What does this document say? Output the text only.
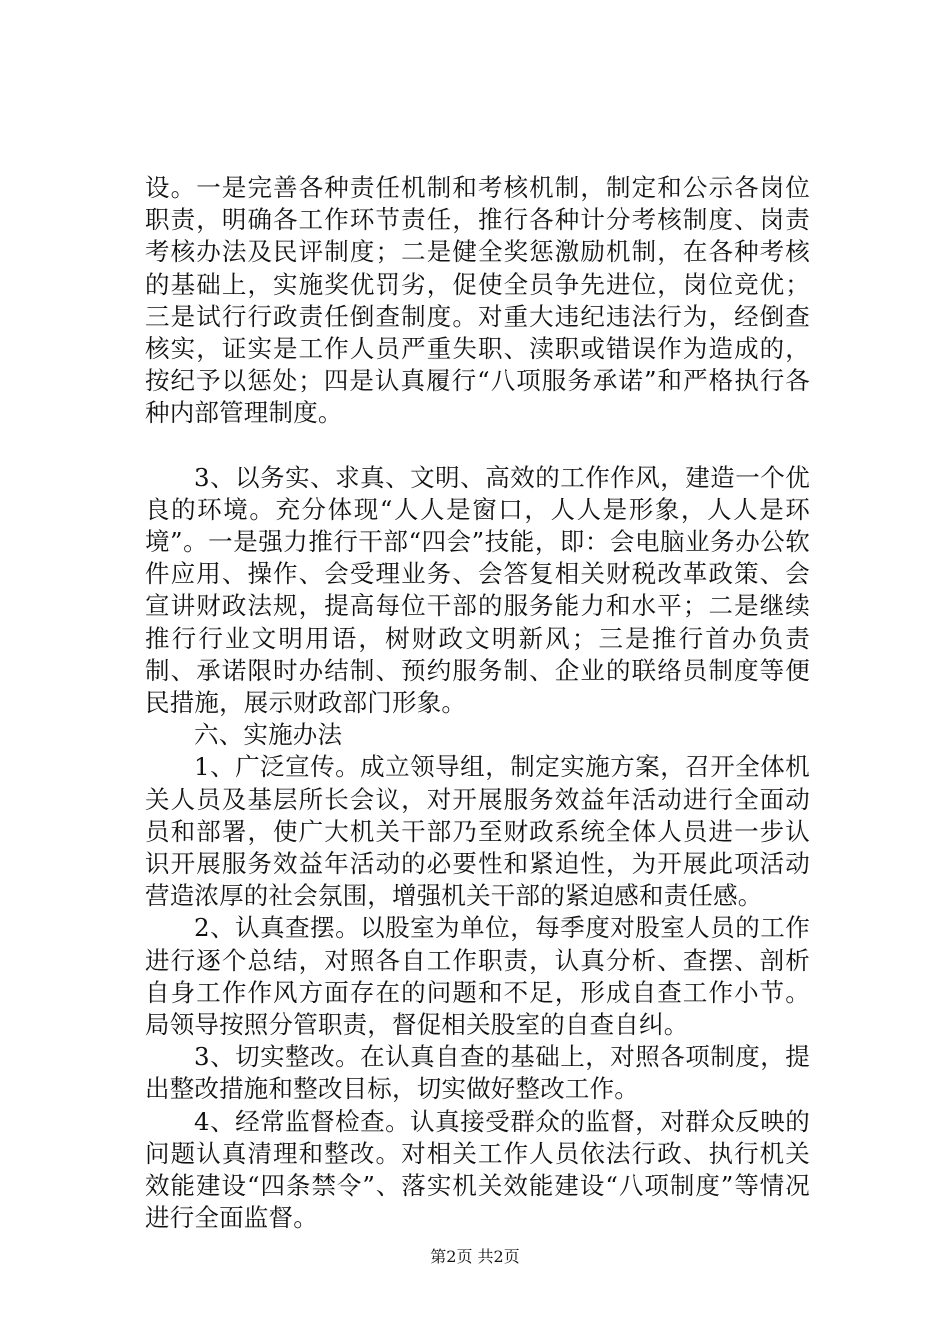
设。一是完善各种责任机制和考核机制，制定和公示各岗位职责，明确各工作环节责任，推行各种计分考核制度、岗责考核办法及民评制度；二是健全奖惩激励机制，在各种考核的基础上，实施奖优罚劣，促使全员争先进位，岗位竞优；三是试行行政责任倒查制度。对重大违纪违法行为，经倒查核实，证实是工作人员严重失职、渎职或错误作为造成的，按纪予以惩处；四是认真履行“八项服务承诺”和严格执行各种内部管理制度。

3、以务实、求真、文明、高效的工作作风，建造一个优良的环境。充分体现“人人是窗口，人人是形象，人人是环境”。一是强力推行干部“四会”技能，即：会电脑业务办公软件应用、操作、会受理业务、会答复相关财税改革政策、会宣讲财政法规，提高每位干部的服务能力和水平；二是继续推行行业文明用语，树财政文明新风；三是推行首办负责制、承诺限时办结制、预约服务制、企业的联络员制度等便民措施，展示财政部门形象。

六、实施办法

1、广泛宣传。成立领导组，制定实施方案，召开全体机关人员及基层所长会议，对开展服务效益年活动进行全面动员和部署，使广大机关干部乃至财政系统全体人员进一步认识开展服务效益年活动的必要性和紧迫性，为开展此项活动营造浓厚的社会氛围，增强机关干部的紧迫感和责任感。

2、认真查摆。以股室为单位，每季度对股室人员的工作进行逐个总结，对照各自工作职责，认真分析、查摆、剖析自身工作作风方面存在的问题和不足，形成自查工作小节。局领导按照分管职责，督促相关股室的自查自纠。

3、切实整改。在认真自查的基础上，对照各项制度，提出整改措施和整改目标，切实做好整改工作。

4、经常监督检查。认真接受群众的监督，对群众反映的问题认真清理和整改。对相关工作人员依法行政、执行机关效能建设“四条禁令”、落实机关效能建设“八项制度”等情况进行全面监督。

第2页 共2页
